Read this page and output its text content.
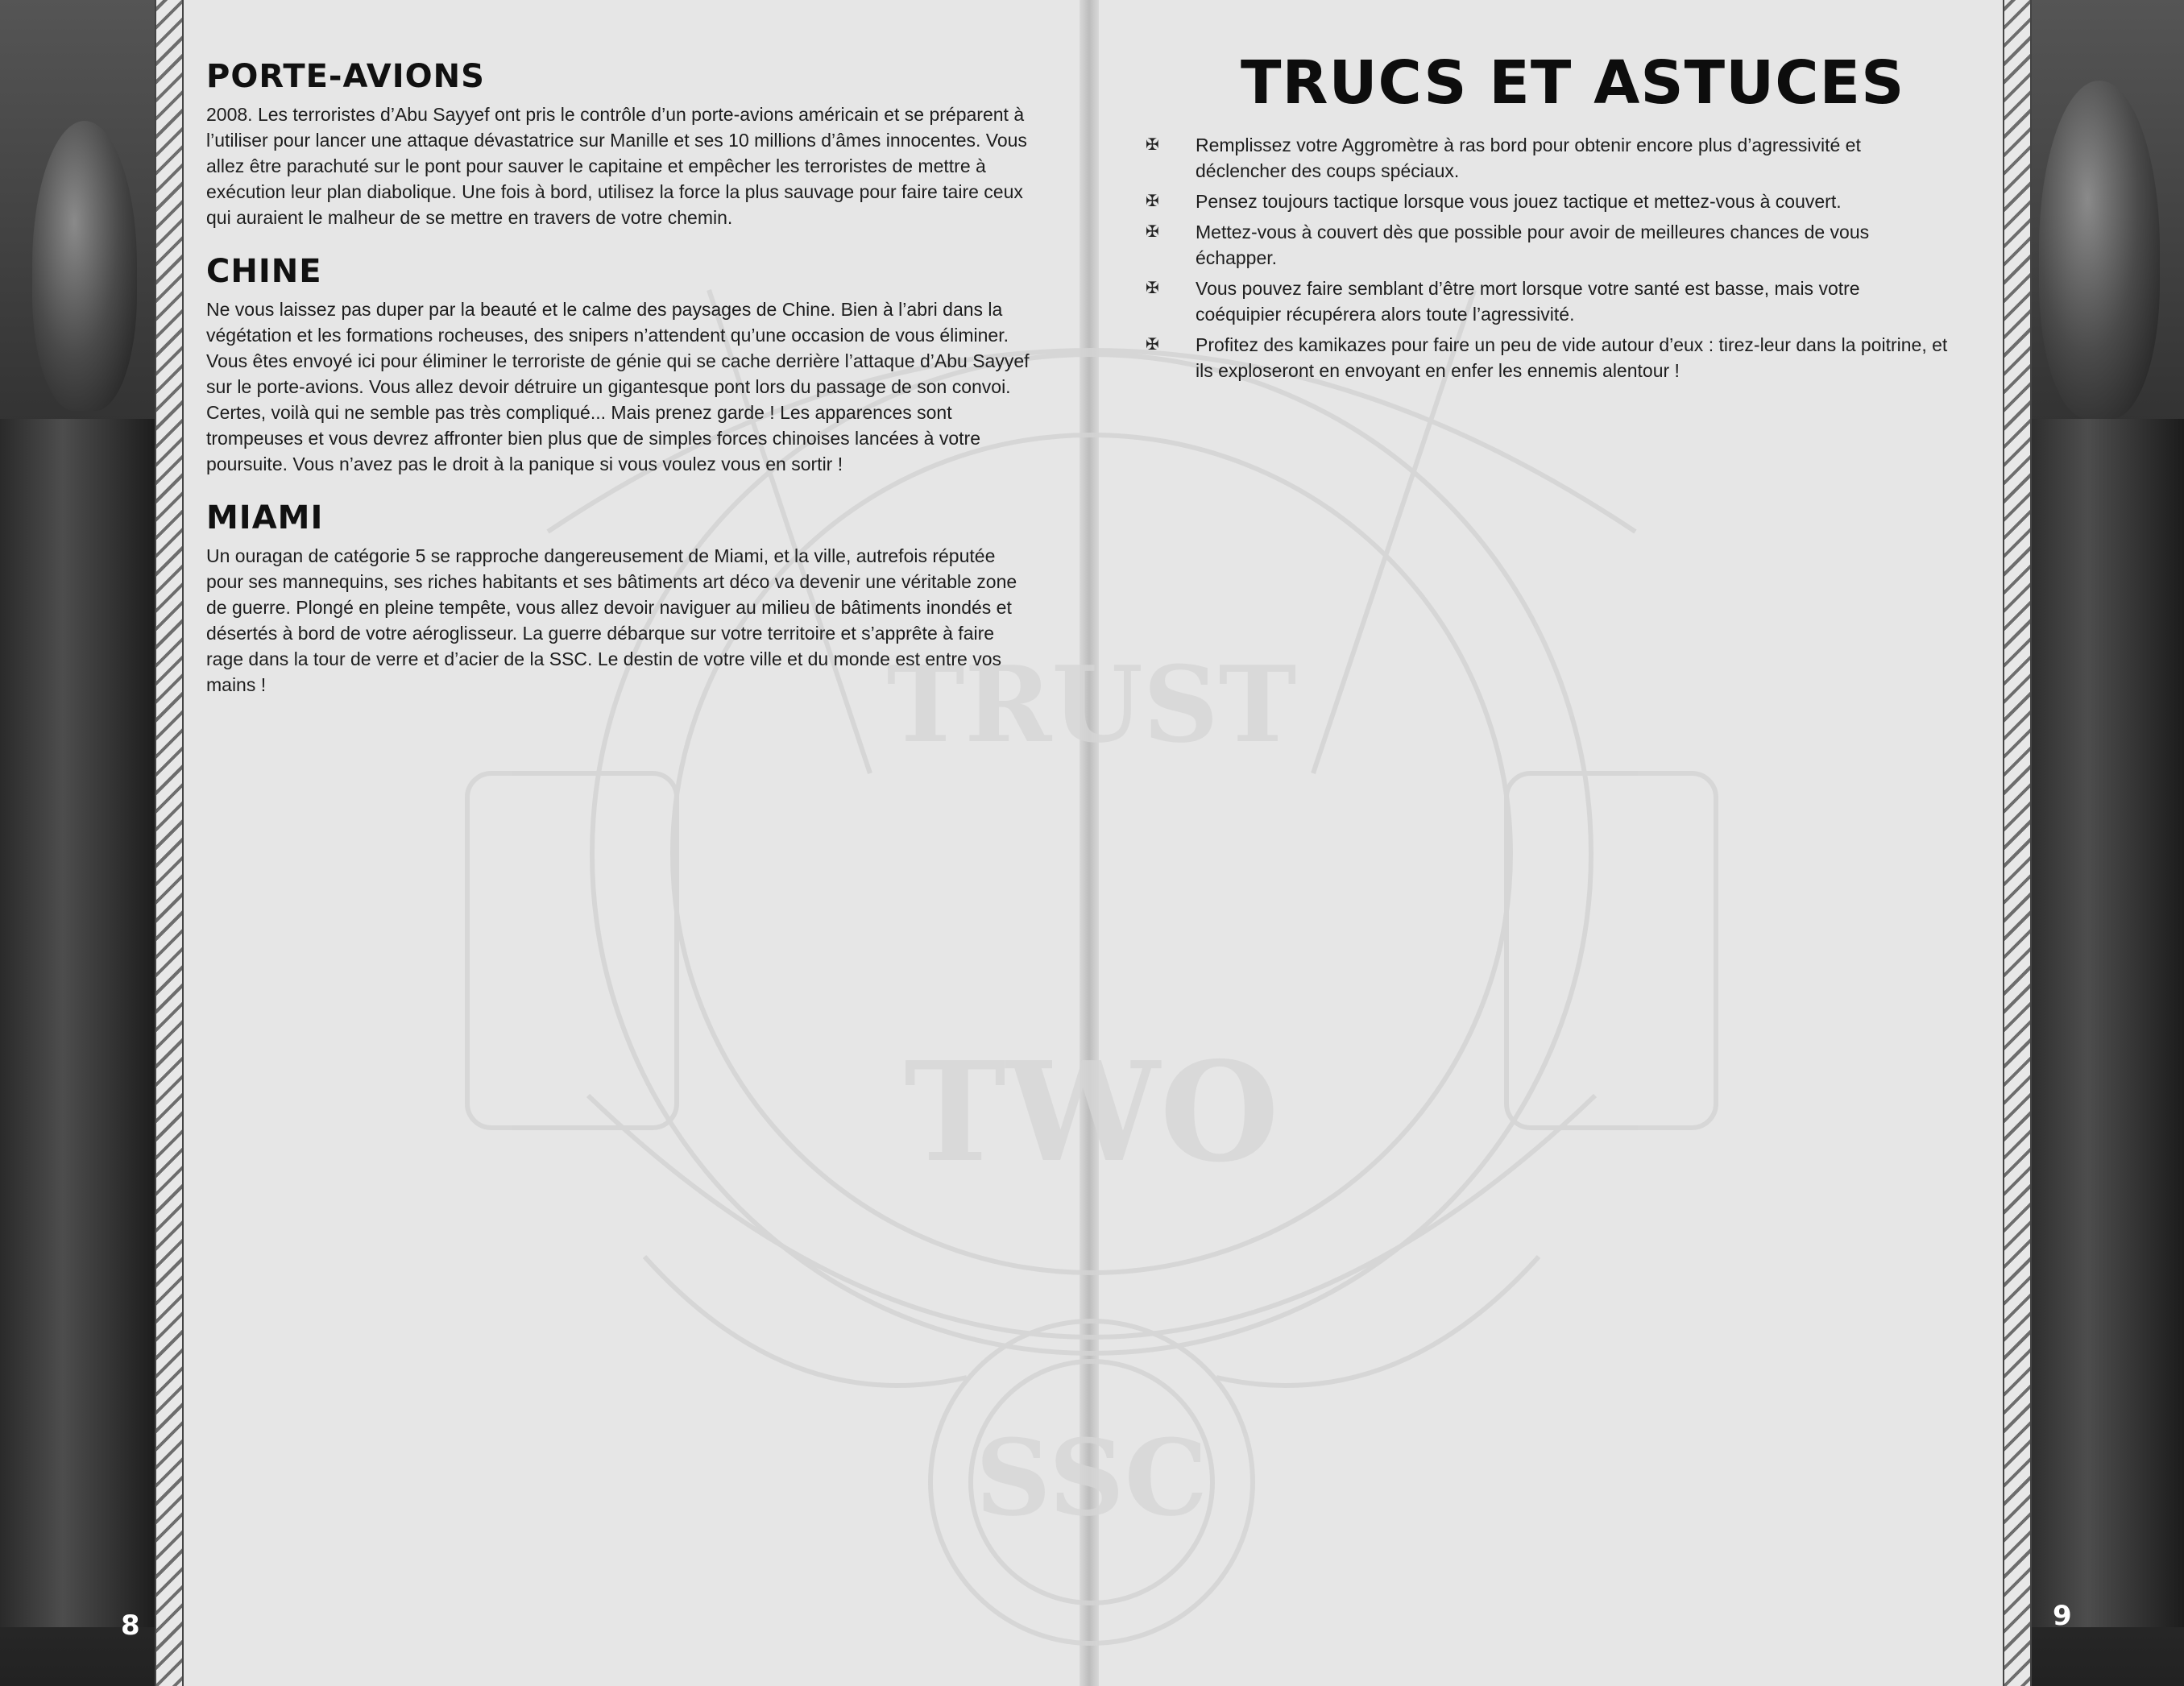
TRUST
TWO
SSC
PORTE-AVIONS

2008. Les terroristes d’Abu Sayyef ont pris le contrôle d’un porte-avions américain et se préparent à l’utiliser pour lancer une attaque dévastatrice sur Manille et ses 10 millions d’âmes innocentes. Vous allez être parachuté sur le pont pour sauver le capitaine et empêcher les terroristes de mettre à exécution leur plan diabolique. Une fois à bord, utilisez la force la plus sauvage pour faire taire ceux qui auraient le malheur de se mettre en travers de votre chemin.

CHINE

Ne vous laissez pas duper par la beauté et le calme des paysages de Chine. Bien à l’abri dans la végétation et les formations rocheuses, des snipers n’attendent qu’une occasion de vous éliminer. Vous êtes envoyé ici pour éliminer le terroriste de génie qui se cache derrière l’attaque d’Abu Sayyef sur le porte-avions. Vous allez devoir détruire un gigantesque pont lors du passage de son convoi. Certes, voilà qui ne semble pas très compliqué... Mais prenez garde ! Les apparences sont trompeuses et vous devrez affronter bien plus que de simples forces chinoises lancées à votre poursuite. Vous n’avez pas le droit à la panique si vous voulez vous en sortir !

MIAMI

Un ouragan de catégorie 5 se rapproche dangereusement de Miami, et la ville, autrefois réputée pour ses mannequins, ses riches habitants et ses bâtiments art déco va devenir une véritable zone de guerre. Plongé en pleine tempête, vous allez devoir naviguer au milieu de bâtiments inondés et désertés à bord de votre aéroglisseur. La guerre débarque sur votre territoire et s’apprête à faire rage dans la tour de verre et d’acier de la SSC. Le destin de votre ville et du monde est entre vos mains !

TRUCS ET ASTUCES
✠	Remplissez votre Aggromètre à ras bord pour obtenir encore plus d’agressivité et déclencher des coups spéciaux.
✠	Pensez toujours tactique lorsque vous jouez tactique et mettez-vous à couvert.
✠	Mettez-vous à couvert dès que possible pour avoir de meilleures chances de vous échapper.
✠	Vous pouvez faire semblant d’être mort lorsque votre santé est basse, mais votre coéquipier récupérera alors toute l’agressivité.
✠	Profitez des kamikazes pour faire un peu de vide autour d’eux : tirez-leur dans la poitrine, et ils exploseront en envoyant en enfer les ennemis alentour !
8	9
